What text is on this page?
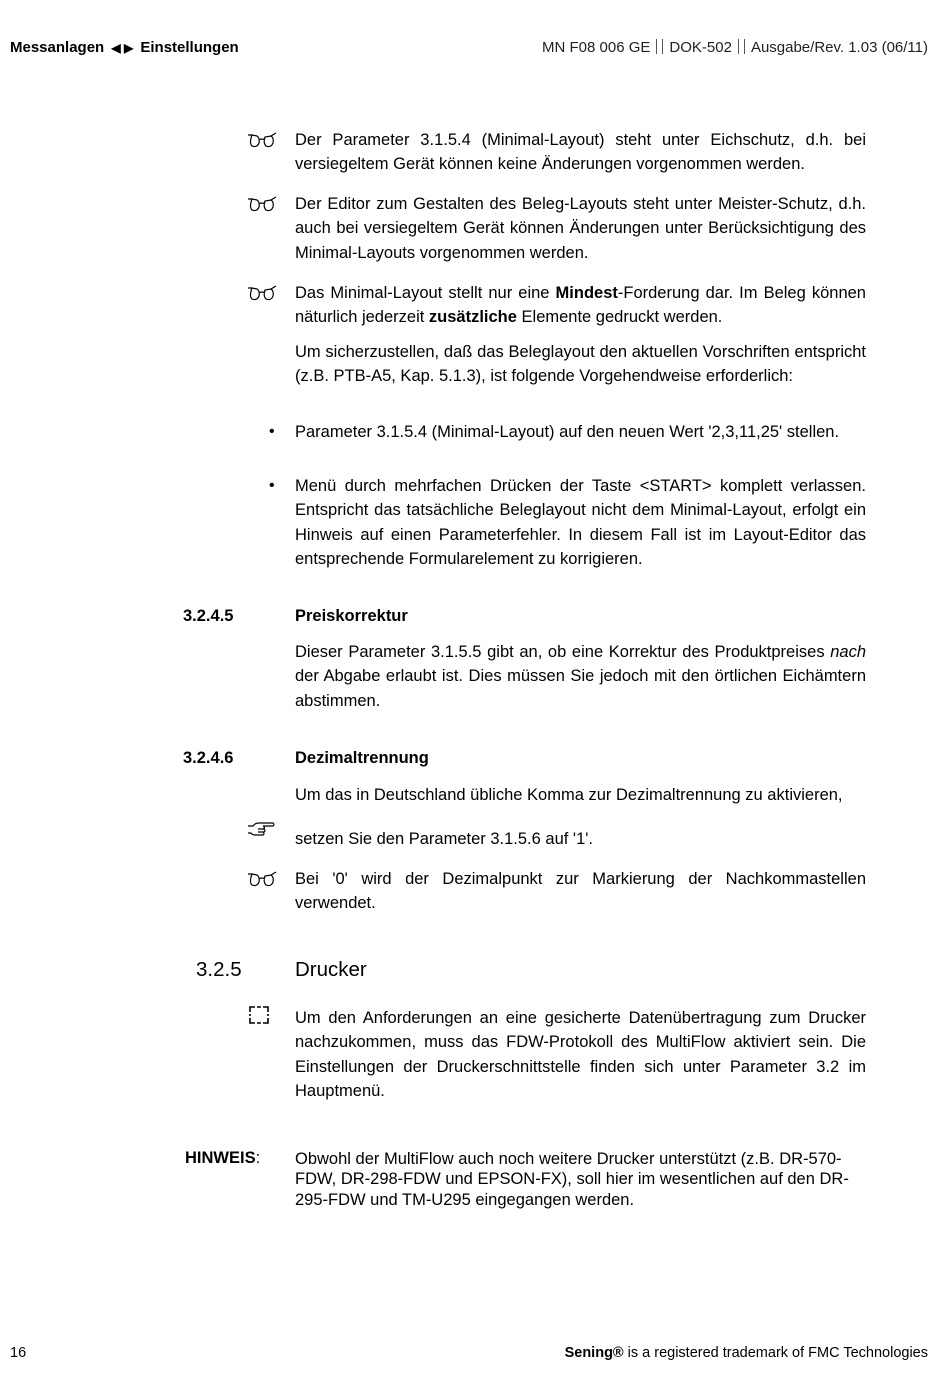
Messanlagen ◀ ▶ Einstellungen	MN F08 006 GE DOK-502 Ausgabe/Rev. 1.03 (06/11)
Der Parameter 3.1.5.4 (Minimal-Layout) steht unter Eichschutz, d.h. bei versiegeltem Gerät können keine Änderungen vorgenommen werden.
Der Editor zum Gestalten des Beleg-Layouts steht unter Meister-Schutz, d.h. auch bei versiegeltem Gerät können Änderungen unter Berücksichtigung des Minimal-Layouts vorgenommen werden.
Das Minimal-Layout stellt nur eine Mindest-Forderung dar. Im Beleg können näturlich jederzeit zusätzliche Elemente gedruckt werden.
Um sicherzustellen, daß das Beleglayout den aktuellen Vorschriften entspricht (z.B. PTB-A5, Kap. 5.1.3), ist folgende Vorgehendweise erforderlich:
• Parameter 3.1.5.4 (Minimal-Layout) auf den neuen Wert '2,3,11,25' stellen.
• Menü durch mehrfachen Drücken der Taste <START> komplett verlassen. Entspricht das tatsächliche Beleglayout nicht dem Minimal-Layout, erfolgt ein Hinweis auf einen Parameterfehler. In diesem Fall ist im Layout-Editor das entsprechende Formularelement zu korrigieren.
3.2.4.5	Preiskorrektur
Dieser Parameter 3.1.5.5 gibt an, ob eine Korrektur des Produktpreises nach der Abgabe erlaubt ist. Dies müssen Sie jedoch mit den örtlichen Eichämtern abstimmen.
3.2.4.6	Dezimaltrennung
Um das in Deutschland übliche Komma zur Dezimaltrennung zu aktivieren,
setzen Sie den Parameter 3.1.5.6 auf '1'.
Bei '0' wird der Dezimalpunkt zur Markierung der Nachkommastellen verwendet.
3.2.5	Drucker
Um den Anforderungen an eine gesicherte Datenübertragung zum Drucker nachzukommen, muss das FDW-Protokoll des MultiFlow aktiviert sein. Die Einstellungen der Druckerschnittstelle finden sich unter Parameter 3.2 im Hauptmenü.
HINWEIS: Obwohl der MultiFlow auch noch weitere Drucker unterstützt (z.B. DR-570-FDW, DR-298-FDW und EPSON-FX), soll hier im wesentlichen auf den DR-295-FDW und TM-U295 eingegangen werden.
16	Sening® is a registered trademark of FMC Technologies
